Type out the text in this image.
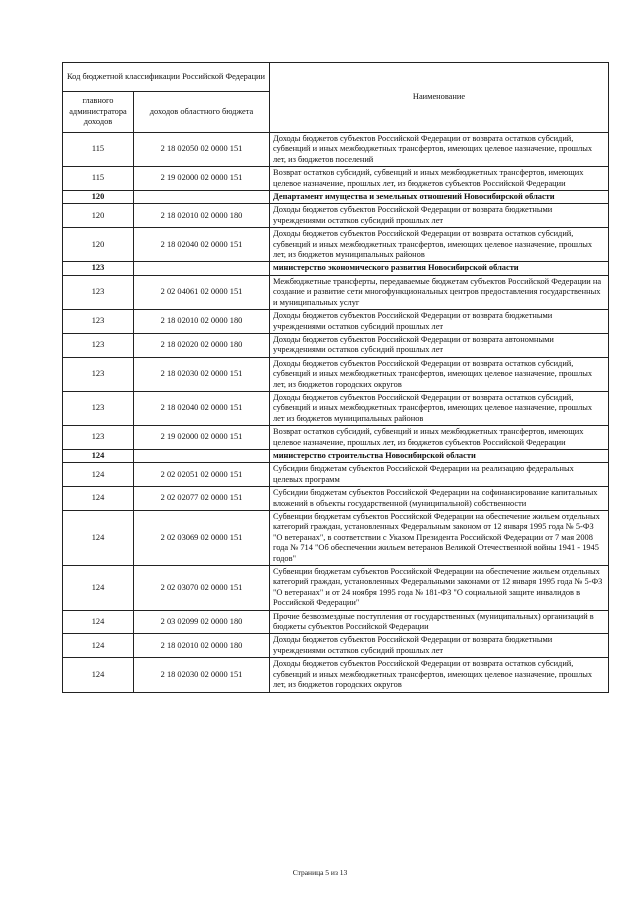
Код бюджетной классификации Российской Федерации		Наименование
главного администратора доходов	доходов областного бюджета	
115	2 18 02050 02 0000 151	Доходы бюджетов субъектов Российской Федерации от возврата остатков субсидий, субвенций и иных межбюджетных трансфертов, имеющих целевое назначение, прошлых лет, из бюджетов поселений
115	2 19 02000 02 0000 151	Возврат остатков субсидий, субвенций и иных межбюджетных трансфертов, имеющих целевое назначение, прошлых лет, из бюджетов субъектов Российской Федерации
120		Департамент имущества и земельных отношений Новосибирской области
120	2 18 02010 02 0000 180	Доходы бюджетов субъектов Российской Федерации от возврата бюджетными учреждениями остатков субсидий прошлых лет
120	2 18 02040 02 0000 151	Доходы бюджетов субъектов Российской Федерации от возврата остатков субсидий, субвенций и иных межбюджетных трансфертов, имеющих целевое назначение, прошлых лет, из бюджетов муниципальных районов
123		министерство экономического развития Новосибирской области
123	2 02 04061 02 0000 151	Межбюджетные трансферты, передаваемые бюджетам субъектов Российской Федерации на создание и развитие сети многофункциональных центров предоставления государственных и муниципальных услуг
123	2 18 02010 02 0000 180	Доходы бюджетов субъектов Российской Федерации от возврата бюджетными учреждениями остатков субсидий прошлых лет
123	2 18 02020 02 0000 180	Доходы бюджетов субъектов Российской Федерации от возврата автономными учреждениями остатков субсидий прошлых лет
123	2 18 02030 02 0000 151	Доходы бюджетов субъектов Российской Федерации от возврата остатков субсидий, субвенций и иных межбюджетных трансфертов, имеющих целевое назначение, прошлых лет, из бюджетов городских округов
123	2 18 02040 02 0000 151	Доходы бюджетов субъектов Российской Федерации от возврата остатков субсидий, субвенций и иных межбюджетных трансфертов, имеющих целевое назначение, прошлых лет из бюджетов муниципальных районов
123	2 19 02000 02 0000 151	Возврат остатков субсидий, субвенций и иных межбюджетных трансфертов, имеющих целевое назначение, прошлых лет, из бюджетов субъектов Российской Федерации
124		министерство строительства Новосибирской области
124	2 02 02051 02 0000 151	Субсидии бюджетам субъектов Российской Федерации на реализацию федеральных целевых программ
124	2 02 02077 02 0000 151	Субсидии бюджетам субъектов Российской Федерации на софинансирование капитальных вложений в объекты государственной (муниципальной) собственности
124	2 02 03069 02 0000 151	Субвенции бюджетам субъектов Российской Федерации на обеспечение жильем отдельных категорий граждан, установленных Федеральным законом от 12 января 1995 года № 5-ФЗ "О ветеранах", в соответствии с Указом Президента Российской Федерации от 7 мая 2008 года № 714 "Об обеспечении жильем ветеранов Великой Отечественной войны 1941 - 1945 годов"
124	2 02 03070 02 0000 151	Субвенции бюджетам субъектов Российской Федерации на обеспечение жильем отдельных категорий граждан, установленных Федеральными законами от 12 января 1995 года № 5-ФЗ "О ветеранах" и от 24 ноября 1995 года № 181-ФЗ "О социальной защите инвалидов в Российской Федерации"
124	2 03 02099 02 0000 180	Прочие безвозмездные поступления от государственных (муниципальных) организаций в бюджеты субъектов Российской Федерации
124	2 18 02010 02 0000 180	Доходы бюджетов субъектов Российской Федерации от возврата бюджетными учреждениями остатков субсидий прошлых лет
124	2 18 02030 02 0000 151	Доходы бюджетов субъектов Российской Федерации от возврата остатков субсидий, субвенций и иных межбюджетных трансфертов, имеющих целевое назначение, прошлых лет, из бюджетов городских округов
Страница 5 из 13
